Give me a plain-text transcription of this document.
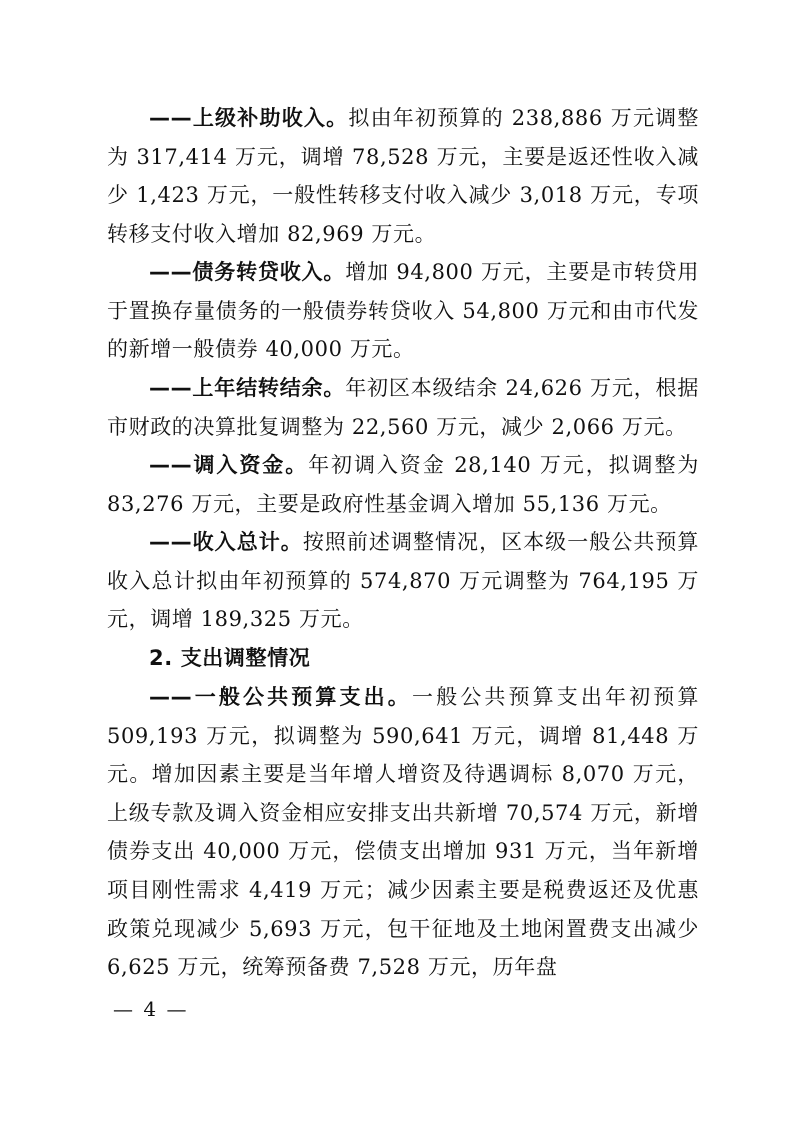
——上级补助收入。拟由年初预算的 238,886 万元调整为 317,414 万元，调增 78,528 万元，主要是返还性收入减少 1,423 万元，一般性转移支付收入减少 3,018 万元，专项转移支付收入增加 82,969 万元。

——债务转贷收入。增加 94,800 万元，主要是市转贷用于置换存量债务的一般债券转贷收入 54,800 万元和由市代发的新增一般债券 40,000 万元。

——上年结转结余。年初区本级结余 24,626 万元，根据市财政的决算批复调整为 22,560 万元，减少 2,066 万元。

——调入资金。年初调入资金 28,140 万元，拟调整为 83,276 万元，主要是政府性基金调入增加 55,136 万元。

——收入总计。按照前述调整情况，区本级一般公共预算收入总计拟由年初预算的 574,870 万元调整为 764,195 万元，调增 189,325 万元。

2. 支出调整情况

——一般公共预算支出。一般公共预算支出年初预算 509,193 万元，拟调整为 590,641 万元，调增 81,448 万元。增加因素主要是当年增人增资及待遇调标 8,070 万元，上级专款及调入资金相应安排支出共新增 70,574 万元，新增债券支出 40,000 万元，偿债支出增加 931 万元，当年新增项目刚性需求 4,419 万元；减少因素主要是税费返还及优惠政策兑现减少 5,693 万元，包干征地及土地闲置费支出减少 6,625 万元，统筹预备费 7,528 万元，历年盘

— 4 —
